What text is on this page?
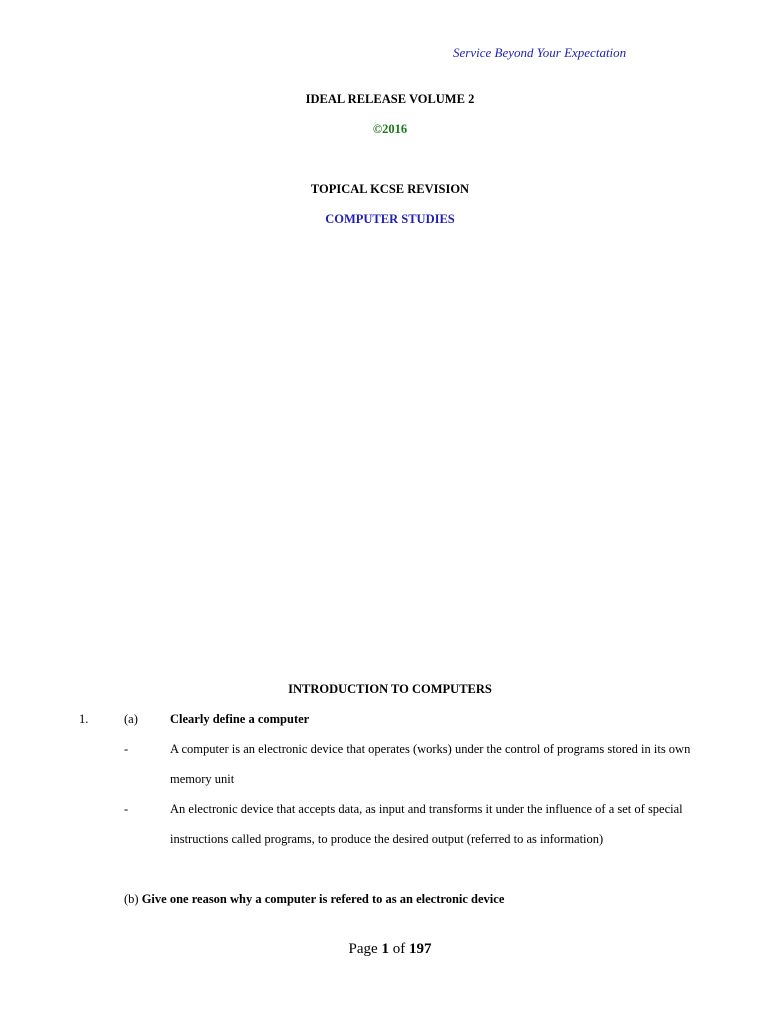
Service Beyond Your Expectation
IDEAL RELEASE VOLUME 2
©2016
TOPICAL KCSE REVISION
COMPUTER STUDIES
INTRODUCTION TO COMPUTERS
1.	(a)	Clearly define a computer
-	A computer is an electronic device that operates (works) under the control of programs stored in its own
memory unit
-	An electronic device that accepts data, as input and transforms it under the influence of a set of special
instructions called programs, to produce the desired output (referred to as information)
(b) Give one reason why a computer is refered to as an electronic device
Page 1 of 197
